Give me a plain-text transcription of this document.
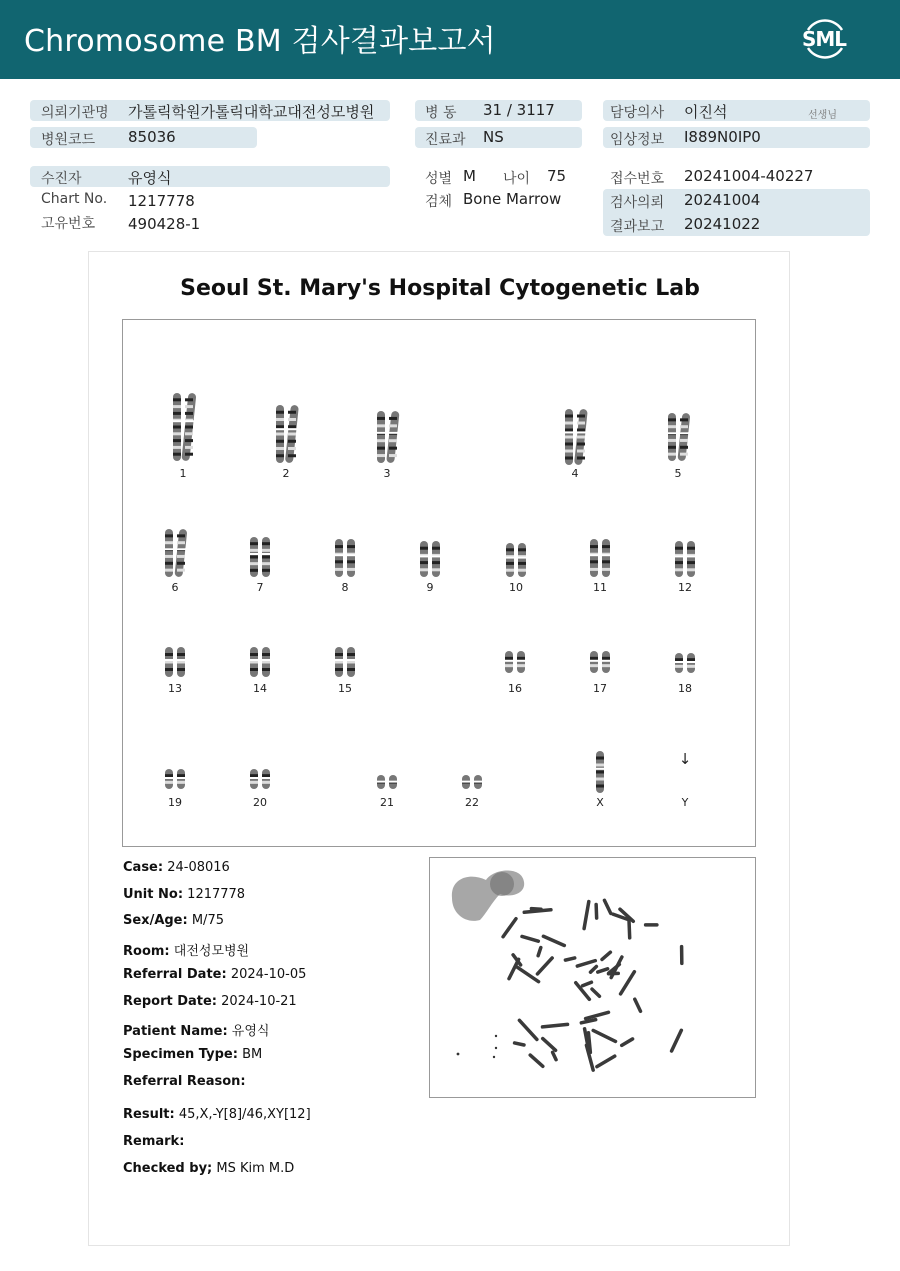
Chromosome BM 검사결과보고서	SML
의뢰기관명 가톨릭학원가톨릭대학교대전성모병원	병 동 31 / 3117	담당의사 이진석	선생님
병원코드 85036	진료과 NS	임상정보 I889N0IP0
수진자	유영식	성별 M 나이 75	접수번호 20241004-40227
Chart No. 1217778	검체 Bone Marrow	검사의뢰 20241004
고유번호 490428-1	결과보고 20241022
Seoul St. Mary's Hospital Cytogenetic Lab
1	2	3	4	5
6	7	8	9	10	11	12
13	14	15	16	17	18
19	20	21	22	X
↓
Y
Case: 24-08016
Unit No: 1217778
Sex/Age: M/75
Room: 대전성모병원
Referral Date: 2024-10-05
Report Date: 2024-10-21
Patient Name: 유영식
Specimen Type: BM
Referral Reason:
Result: 45,X,-Y[8]/46,XY[12]
Remark:
Checked by; MS Kim M.D
